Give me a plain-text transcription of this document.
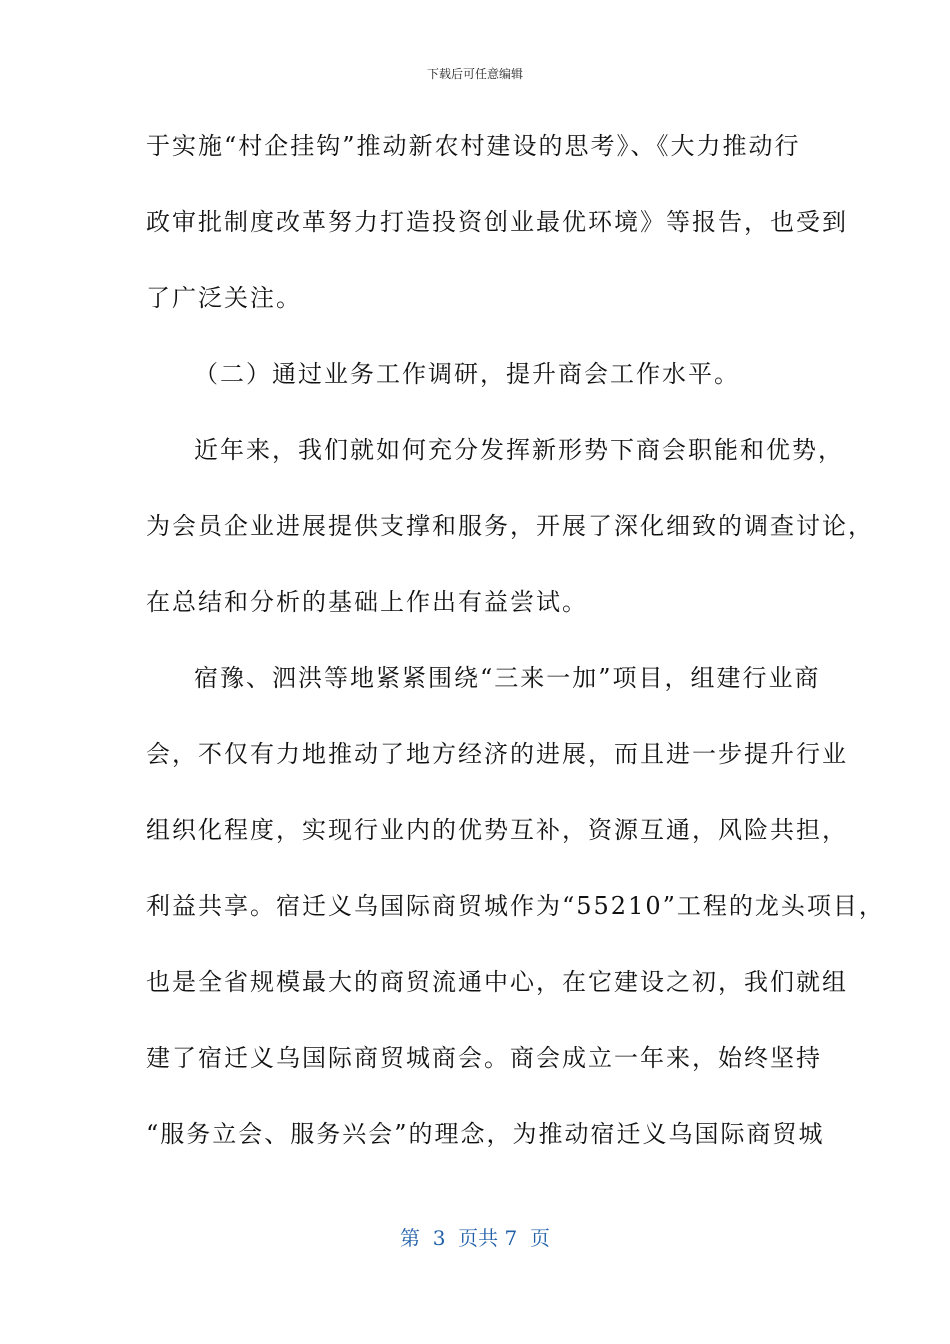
下载后可任意编辑
于实施“村企挂钩”推动新农村建设的思考》、《大力推动行
政审批制度改革努力打造投资创业最优环境》等报告，也受到
了广泛关注。
（二）通过业务工作调研，提升商会工作水平。
近年来，我们就如何充分发挥新形势下商会职能和优势，
为会员企业进展提供支撑和服务，开展了深化细致的调查讨论，
在总结和分析的基础上作出有益尝试。
宿豫、泗洪等地紧紧围绕“三来一加”项目，组建行业商
会，不仅有力地推动了地方经济的进展，而且进一步提升行业
组织化程度，实现行业内的优势互补，资源互通，风险共担，
利益共享。宿迁义乌国际商贸城作为“55210”工程的龙头项目，
也是全省规模最大的商贸流通中心，在它建设之初，我们就组
建了宿迁义乌国际商贸城商会。商会成立一年来，始终坚持
“服务立会、服务兴会”的理念，为推动宿迁义乌国际商贸城
第  3  页共 7  页
